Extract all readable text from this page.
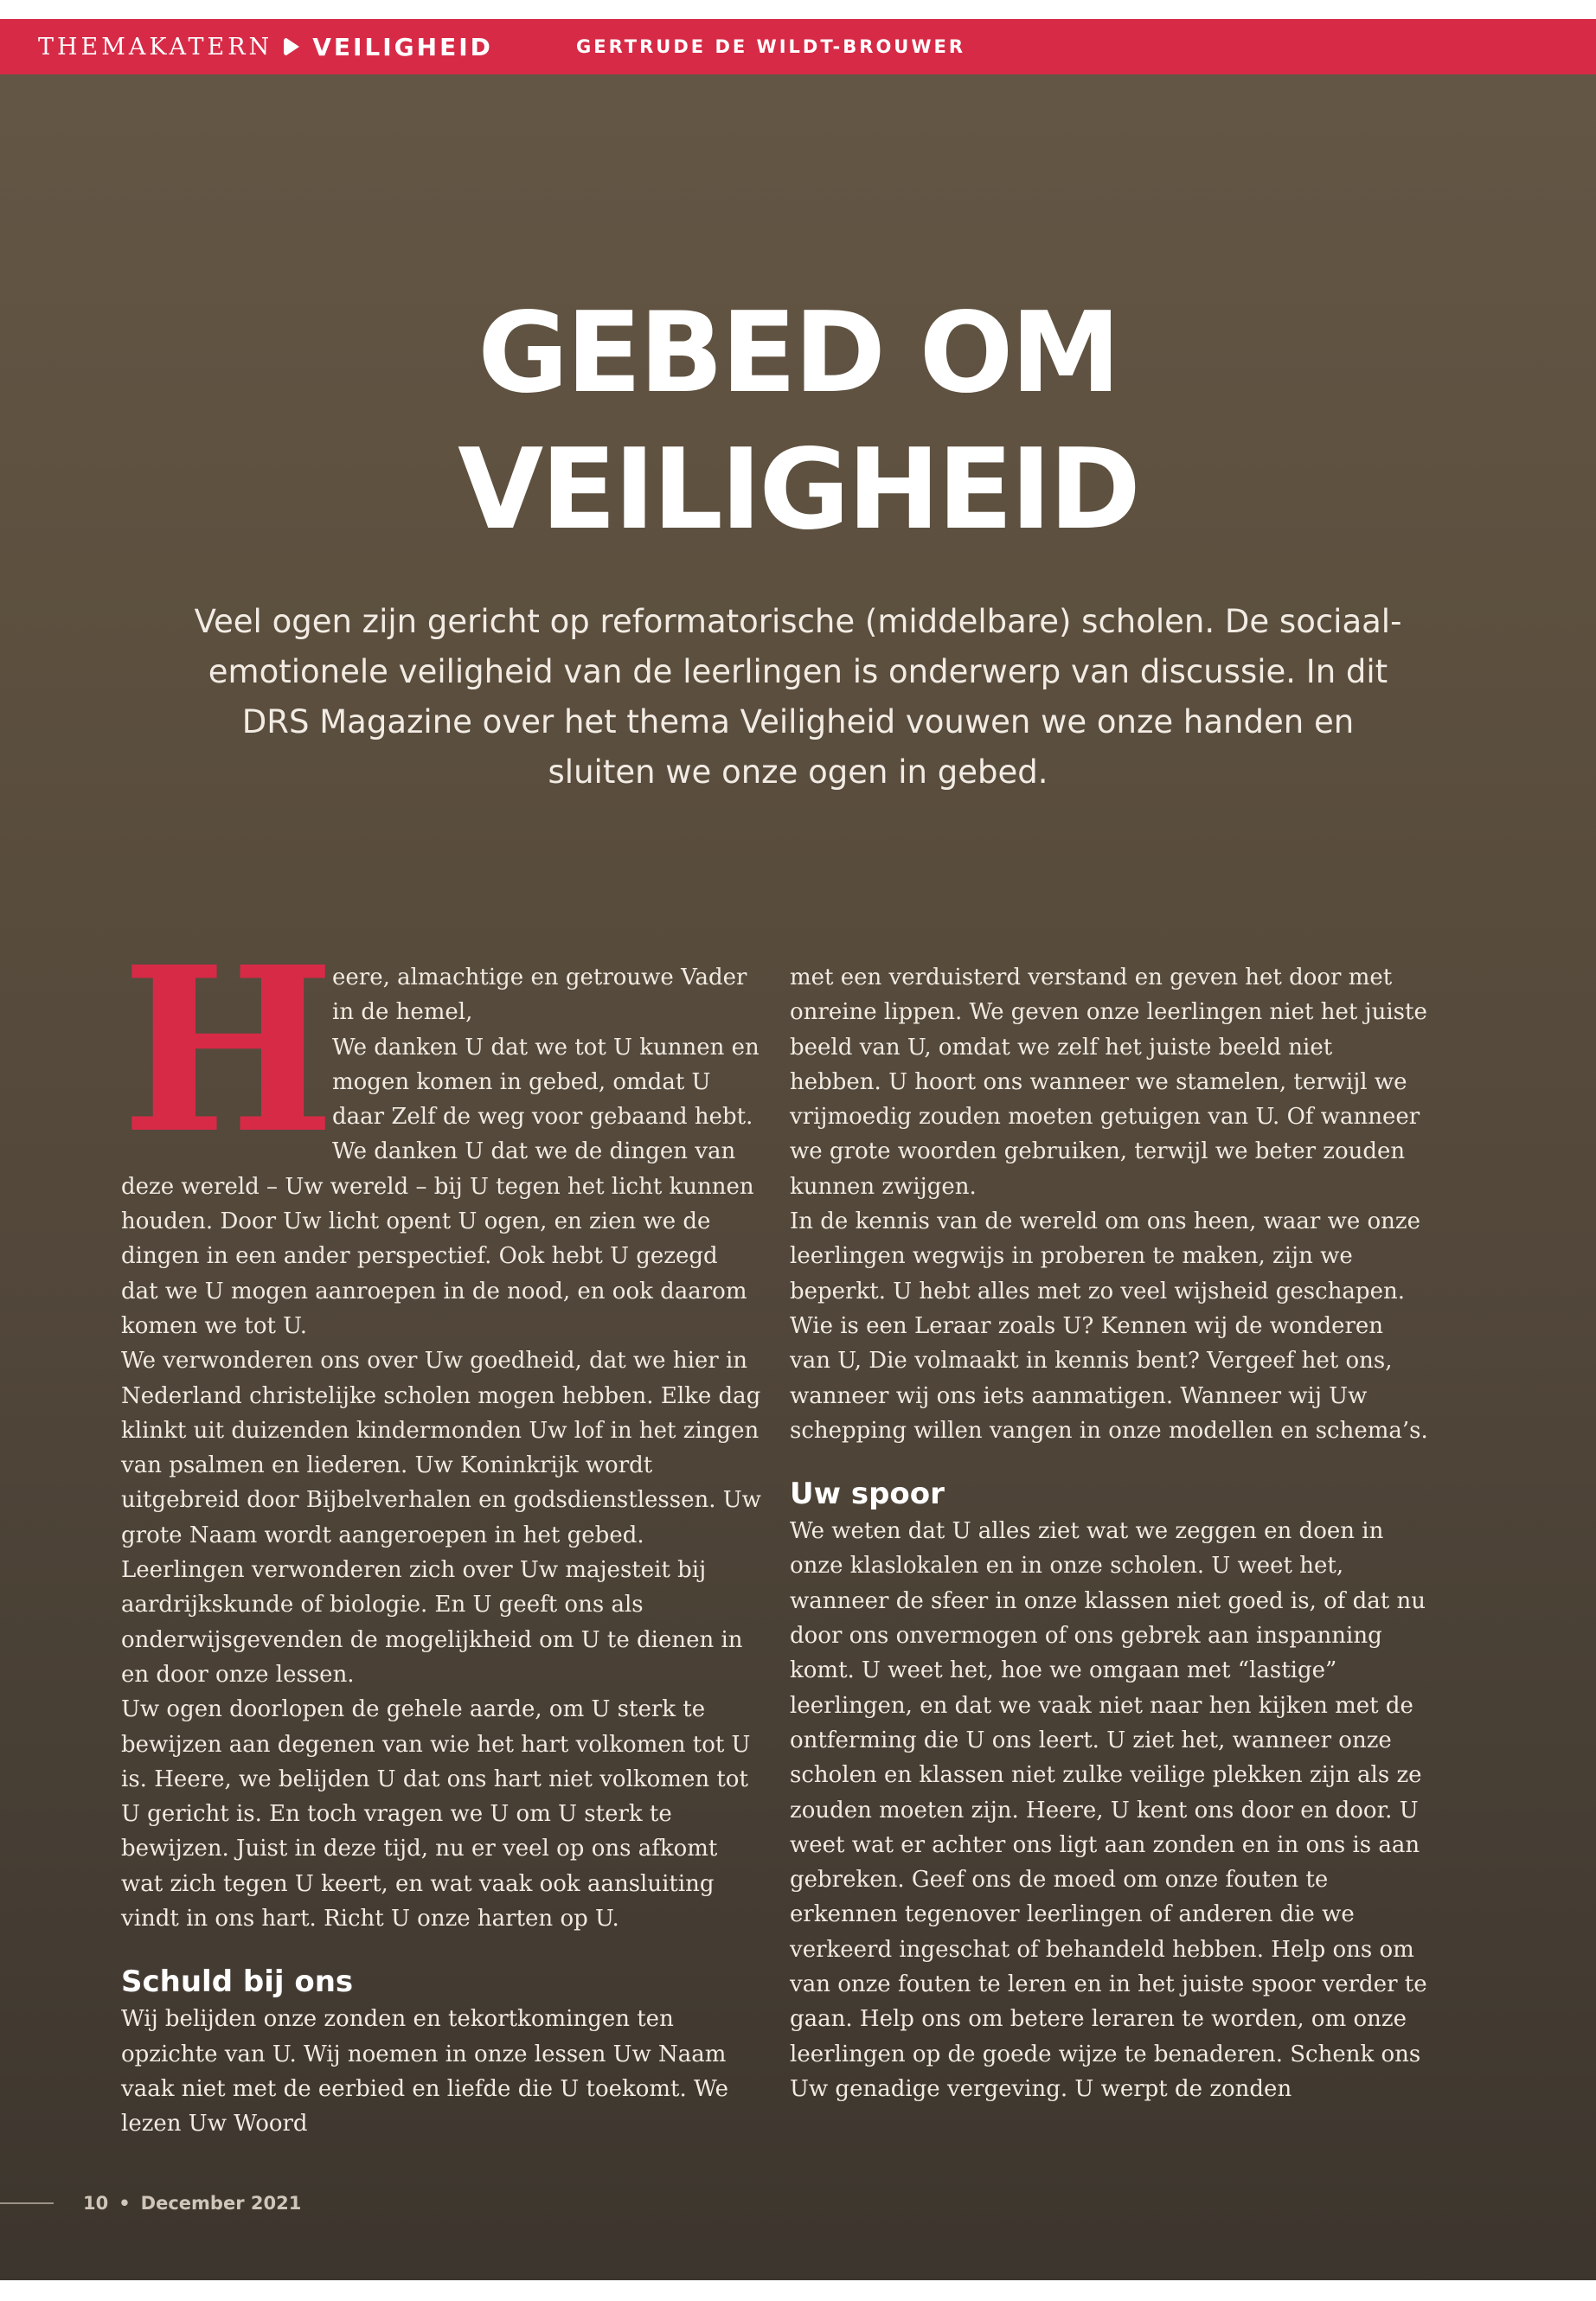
THEMAKATERN VEILIGHEID	GERTRUDE DE WILDT-BROUWER
GEBED OM
VEILIGHEID

Veel ogen zijn gericht op reformatorische (middelbare) scholen. De sociaal-emotionele veiligheid van de leerlingen is onderwerp van discussie. In dit DRS Magazine over het thema Veiligheid vouwen we onze handen en sluiten we onze ogen in gebed.

H

eere, almachtige en getrouwe Vader in de hemel,

We danken U dat we tot U kunnen en mogen komen in gebed, omdat U daar Zelf de weg voor gebaand hebt. We danken U dat we de dingen van deze wereld – Uw wereld – bij U tegen het licht kunnen houden. Door Uw licht opent U ogen, en zien we de dingen in een ander perspectief. Ook hebt U gezegd dat we U mogen aanroepen in de nood, en ook daarom komen we tot U.

We verwonderen ons over Uw goedheid, dat we hier in Nederland christelijke scholen mogen hebben. Elke dag klinkt uit duizenden kindermonden Uw lof in het zingen van psalmen en liederen. Uw Koninkrijk wordt uitgebreid door Bijbelverhalen en godsdienstlessen. Uw grote Naam wordt aangeroepen in het gebed. Leerlingen verwonderen zich over Uw majesteit bij aardrijkskunde of biologie. En U geeft ons als onderwijsgevenden de mogelijkheid om U te dienen in en door onze lessen.

Uw ogen doorlopen de gehele aarde, om U sterk te bewijzen aan degenen van wie het hart volkomen tot U is. Heere, we belijden U dat ons hart niet volkomen tot U gericht is. En toch vragen we U om U sterk te bewijzen. Juist in deze tijd, nu er veel op ons afkomt wat zich tegen U keert, en wat vaak ook aansluiting vindt in ons hart. Richt U onze harten op U.

Schuld bij ons

Wij belijden onze zonden en tekortkomingen ten opzichte van U. Wij noemen in onze lessen Uw Naam vaak niet met de eerbied en liefde die U toekomt. We lezen Uw Woord

met een verduisterd verstand en geven het door met onreine lippen. We geven onze leerlingen niet het juiste beeld van U, omdat we zelf het juiste beeld niet hebben. U hoort ons wanneer we stamelen, terwijl we vrijmoedig zouden moeten getuigen van U. Of wanneer we grote woorden gebruiken, terwijl we beter zouden kunnen zwijgen.

In de kennis van de wereld om ons heen, waar we onze leerlingen wegwijs in proberen te maken, zijn we beperkt. U hebt alles met zo veel wijsheid geschapen. Wie is een Leraar zoals U? Kennen wij de wonderen van U, Die volmaakt in kennis bent? Vergeef het ons, wanneer wij ons iets aanmatigen. Wanneer wij Uw schepping willen vangen in onze modellen en schema’s.

Uw spoor

We weten dat U alles ziet wat we zeggen en doen in onze klaslokalen en in onze scholen. U weet het, wanneer de sfeer in onze klassen niet goed is, of dat nu door ons onvermogen of ons gebrek aan inspanning komt. U weet het, hoe we omgaan met “lastige” leerlingen, en dat we vaak niet naar hen kijken met de ontferming die U ons leert. U ziet het, wanneer onze scholen en klassen niet zulke veilige plekken zijn als ze zouden moeten zijn. Heere, U kent ons door en door. U weet wat er achter ons ligt aan zonden en in ons is aan gebreken. Geef ons de moed om onze fouten te erkennen tegenover leerlingen of anderen die we verkeerd ingeschat of behandeld hebben. Help ons om van onze fouten te leren en in het juiste spoor verder te gaan. Help ons om betere leraren te worden, om onze leerlingen op de goede wijze te benaderen. Schenk ons Uw genadige vergeving. U werpt de zonden

10 • December 2021
